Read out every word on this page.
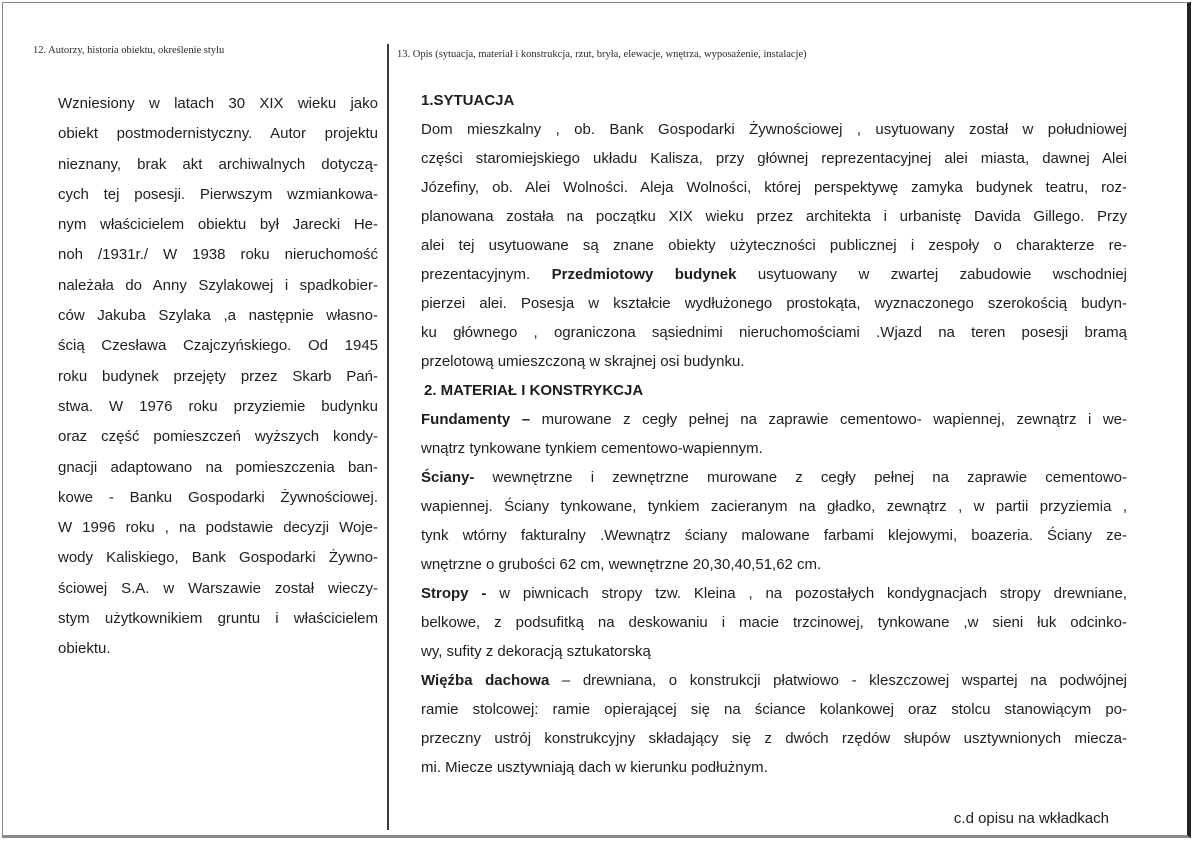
12. Autorzy, historia obiektu, określenie stylu	13. Opis (sytuacja, materiał i konstrukcja, rzut, bryła, elewacje, wnętrza, wyposażenie, instalacje)
Wzniesiony w latach 30 XIX wieku jako
obiekt postmodernistyczny. Autor projektu
nieznany, brak akt archiwalnych dotyczą-
cych tej posesji. Pierwszym wzmiankowa-
nym właścicielem obiektu był Jarecki He-
noh /1931r./ W 1938 roku nieruchomość
należała do Anny Szylakowej i spadkobier-
ców Jakuba Szylaka ,a następnie własno-
ścią Czesława Czajczyńskiego. Od 1945
roku budynek przejęty przez Skarb Pań-
stwa. W 1976 roku przyziemie budynku
oraz część pomieszczeń wyższych kondy-
gnacji adaptowano na pomieszczenia ban-
kowe - Banku Gospodarki Żywnościowej.
W 1996 roku , na podstawie decyzji Woje-
wody Kaliskiego, Bank Gospodarki Żywno-
ściowej S.A. w Warszawie został wieczy-
stym użytkownikiem gruntu i właścicielem
obiektu.
1.SYTUACJA
Dom mieszkalny , ob. Bank Gospodarki Żywnościowej , usytuowany został w południowej
części staromiejskiego układu Kalisza, przy głównej reprezentacyjnej alei miasta, dawnej Alei
Józefiny, ob. Alei Wolności. Aleja Wolności, której perspektywę zamyka budynek teatru, roz-
planowana została na początku XIX wieku przez architekta i urbanistę Davida Gillego. Przy
alei tej usytuowane są znane obiekty użyteczności publicznej i zespoły o charakterze re-
prezentacyjnym. Przedmiotowy budynek usytuowany w zwartej zabudowie wschodniej
pierzei alei. Posesja w kształcie wydłużonego prostokąta, wyznaczonego szerokością budyn-
ku głównego , ograniczona sąsiednimi nieruchomościami .Wjazd na teren posesji bramą
przelotową umieszczoną w skrajnej osi budynku.
2. MATERIAŁ I KONSTRYKCJA
Fundamenty – murowane z cegły pełnej na zaprawie cementowo- wapiennej, zewnątrz i we-
wnątrz tynkowane tynkiem cementowo-wapiennym.
Ściany- wewnętrzne i zewnętrzne murowane z cegły pełnej na zaprawie cementowo-
wapiennej. Ściany tynkowane, tynkiem zacieranym na gładko, zewnątrz , w partii przyziemia ,
tynk wtórny fakturalny .Wewnątrz ściany malowane farbami klejowymi, boazeria. Ściany ze-
wnętrzne o grubości 62 cm, wewnętrzne 20,30,40,51,62 cm.
Stropy - w piwnicach stropy tzw. Kleina , na pozostałych kondygnacjach stropy drewniane,
belkowe, z podsufitką na deskowaniu i macie trzcinowej, tynkowane ,w sieni łuk odcinko-
wy, sufity z dekoracją sztukatorską
Więźba dachowa – drewniana, o konstrukcji płatwiowo - kleszczowej wspartej na podwójnej
ramie stolcowej: ramie opierającej się na ściance kolankowej oraz stolcu stanowiącym po-
przeczny ustrój konstrukcyjny składający się z dwóch rzędów słupów usztywnionych miecza-
mi. Miecze usztywniają dach w kierunku podłużnym.

c.d opisu na wkładkach
